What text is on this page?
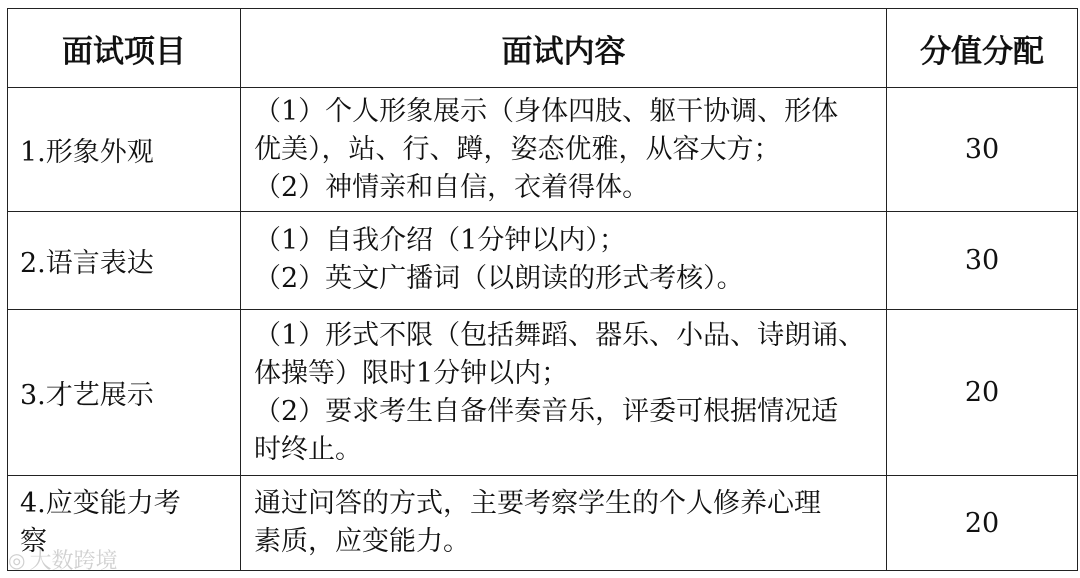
面试项目	面试内容	分值分配
1.形象外观	（1）个人形象展示（身体四肢、躯干协调、形体
优美），站、行、蹲，姿态优雅，从容大方；
（2）神情亲和自信，衣着得体。	30
2.语言表达	（1）自我介绍（1分钟以内）；
（2）英文广播词（以朗读的形式考核）。	30
3.才艺展示	（1）形式不限（包括舞蹈、器乐、小品、诗朗诵、
体操等）限时1分钟以内；
（2）要求考生自备伴奏音乐，评委可根据情况适
时终止。	20
4.应变能力考察	通过问答的方式，主要考察学生的个人修养心理
素质，应变能力。	20
◎ 大数跨境
